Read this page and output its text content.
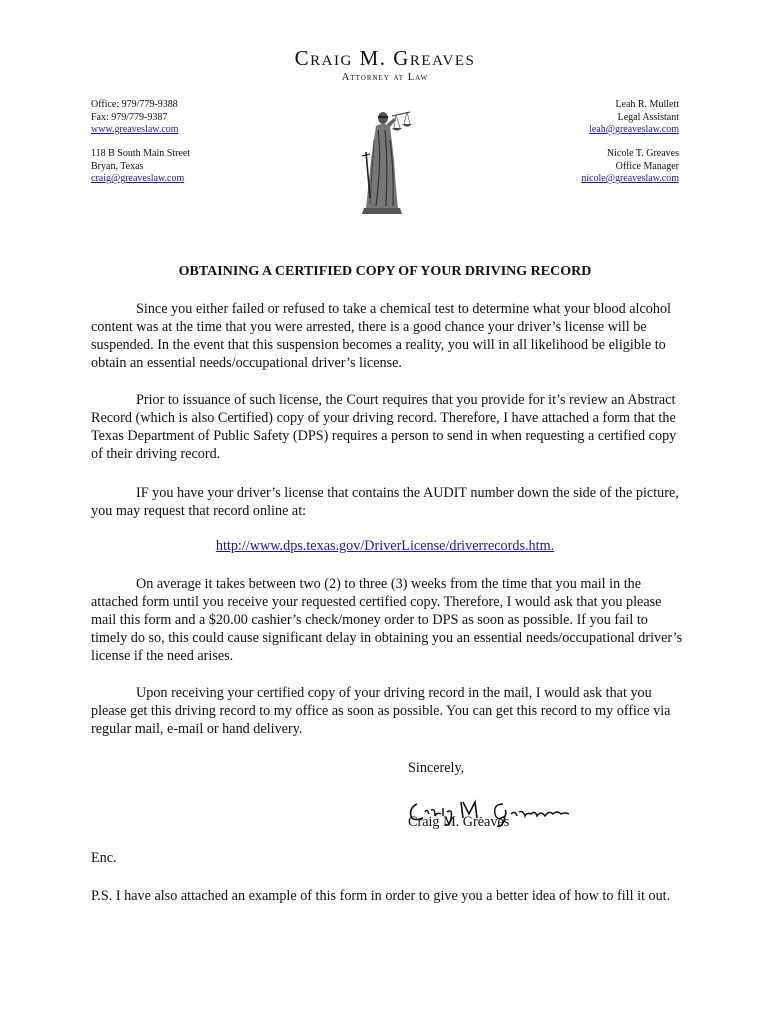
Craig M. Greaves
Attorney at Law
Office: 979/779-9388
Fax: 979/779-9387
www.greaveslaw.com
118 B South Main Street
Bryan, Texas
craig@greaveslaw.com
Leah R. Mullett
Legal Assistant
leah@greaveslaw.com
Nicole T. Greaves
Office Manager
nicole@greaveslaw.com
OBTAINING A CERTIFIED COPY OF YOUR DRIVING RECORD

Since you either failed or refused to take a chemical test to determine what your blood alcohol content was at the time that you were arrested, there is a good chance your driver’s license will be suspended. In the event that this suspension becomes a reality, you will in all likelihood be eligible to obtain an essential needs/occupational driver’s license.

Prior to issuance of such license, the Court requires that you provide for it’s review an Abstract Record (which is also Certified) copy of your driving record. Therefore, I have attached a form that the Texas Department of Public Safety (DPS) requires a person to send in when requesting a certified copy of their driving record.

IF you have your driver’s license that contains the AUDIT number down the side of the picture, you may request that record online at:

http://www.dps.texas.gov/DriverLicense/driverrecords.htm.

On average it takes between two (2) to three (3) weeks from the time that you mail in the attached form until you receive your requested certified copy. Therefore, I would ask that you please mail this form and a $20.00 cashier’s check/money order to DPS as soon as possible. If you fail to timely do so, this could cause significant delay in obtaining you an essential needs/occupational driver’s license if the need arises.

Upon receiving your certified copy of your driving record in the mail, I would ask that you please get this driving record to my office as soon as possible. You can get this record to my office via regular mail, e-mail or hand delivery.

Sincerely,
Craig M. Greaves
Enc.

P.S. I have also attached an example of this form in order to give you a better idea of how to fill it out.
